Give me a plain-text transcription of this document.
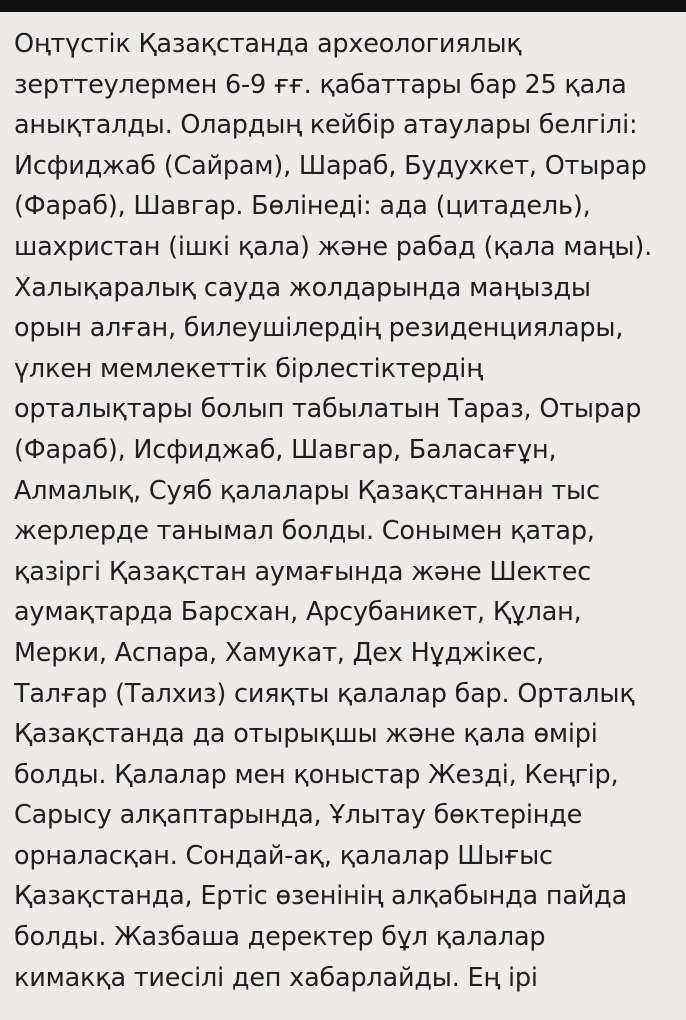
Оңтүстік Қазақстанда археологиялық
зерттеулермен 6-9 ғғ. қабаттары бар 25 қала
анықталды. Олардың кейбір атаулары белгілі:
Исфиджаб (Сайрам), Шараб, Будухкет, Отырар
(Фараб), Шавгар. Бөлінеді: ада (цитадель),
шахристан (ішкі қала) және рабад (қала маңы).
Халықаралық сауда жолдарында маңызды
орын алған, билеушілердің резиденциялары,
үлкен мемлекеттік бірлестіктердің
орталықтары болып табылатын Тараз, Отырар
(Фараб), Исфиджаб, Шавгар, Баласағұн,
Алмалық, Суяб қалалары Қазақстаннан тыс
жерлерде танымал болды. Сонымен қатар,
қазіргі Қазақстан аумағында және Шектес
аумақтарда Барсхан, Арсубаникет, Құлан,
Мерки, Аспара, Хамукат, Дех Нұджікес,
Талғар (Талхиз) сияқты қалалар бар. Орталық
Қазақстанда да отырықшы және қала өмірі
болды. Қалалар мен қоныстар Жезді, Кеңгір,
Сарысу алқаптарында, Ұлытау бөктерінде
орналасқан. Сондай-ақ, қалалар Шығыс
Қазақстанда, Ертіс өзенінің алқабында пайда
болды. Жазбаша деректер бұл қалалар
кимакқа тиесілі деп хабарлайды. Ең ірі
